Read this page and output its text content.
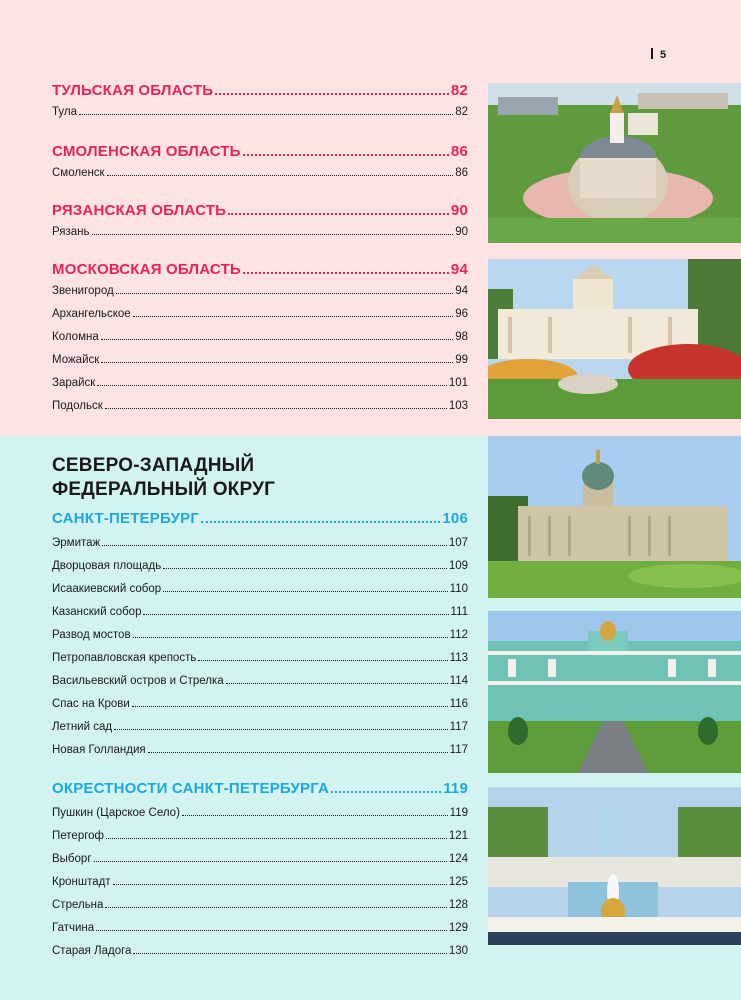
5
ТУЛЬСКАЯ ОБЛАСТЬ	82
Тула	82
СМОЛЕНСКАЯ ОБЛАСТЬ	86
Смоленск	86
РЯЗАНСКАЯ ОБЛАСТЬ	90
Рязань	90
МОСКОВСКАЯ ОБЛАСТЬ	94
Звенигород	94
Архангельское	96
Коломна	98
Можайск	99
Зарайск	101
Подольск	103
СЕВЕРО-ЗАПАДНЫЙ
ФЕДЕРАЛЬНЫЙ ОКРУГ
САНКТ-ПЕТЕРБУРГ	106
Эрмитаж	107
Дворцовая площадь	109
Исаакиевский собор	110
Казанский собор	111
Развод мостов	112
Петропавловская крепость	113
Васильевский остров и Стрелка	114
Спас на Крови	116
Летний сад	117
Новая Голландия	117
ОКРЕСТНОСТИ САНКТ-ПЕТЕРБУРГА	119
Пушкин (Царское Село)	119
Петергоф	121
Выборг	124
Кронштадт	125
Стрельна	128
Гатчина	129
Старая Ладога	130
